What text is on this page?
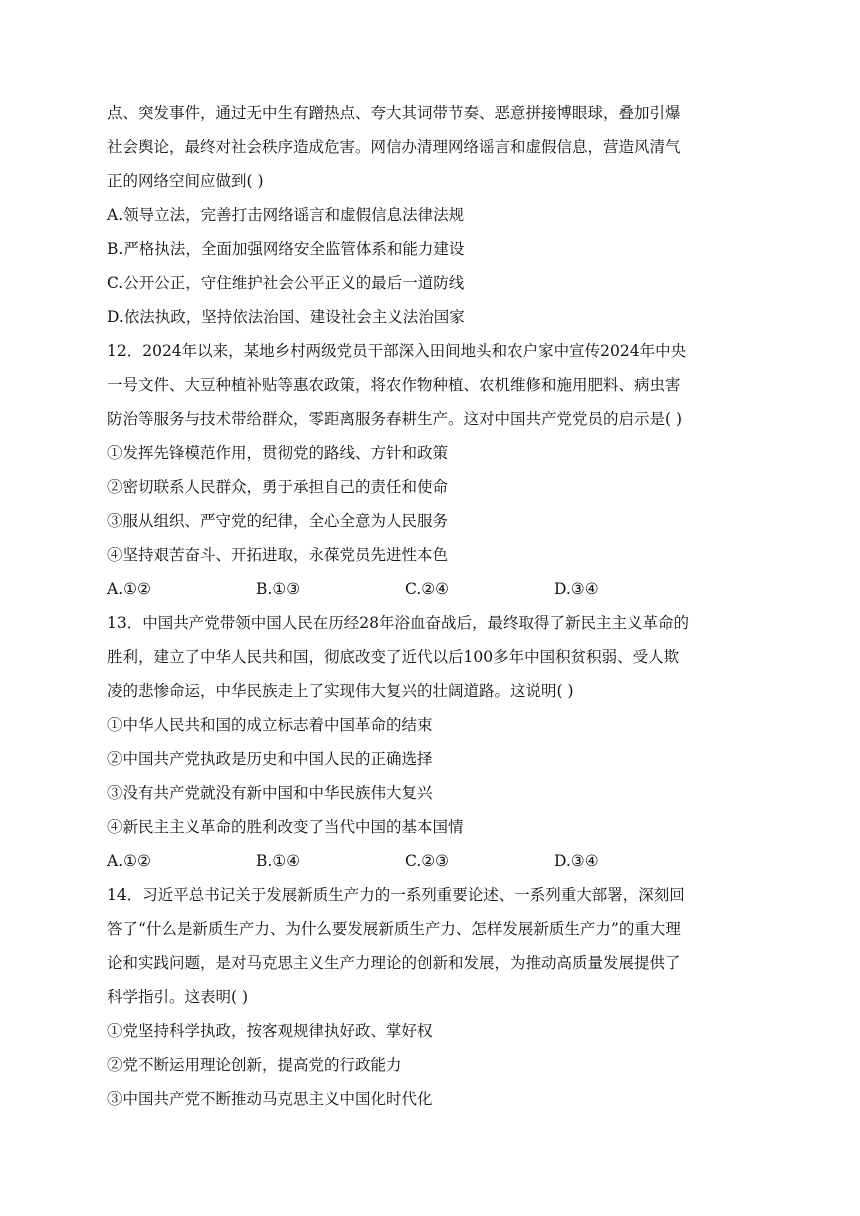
点、突发事件，通过无中生有蹭热点、夸大其词带节奏、恶意拼接博眼球，叠加引爆
社会舆论，最终对社会秩序造成危害。网信办清理网络谣言和虚假信息，营造风清气
正的网络空间应做到( )
A.领导立法，完善打击网络谣言和虚假信息法律法规
B.严格执法，全面加强网络安全监管体系和能力建设
C.公开公正，守住维护社会公平正义的最后一道防线
D.依法执政，坚持依法治国、建设社会主义法治国家
12．2024年以来，某地乡村两级党员干部深入田间地头和农户家中宣传2024年中央
一号文件、大豆种植补贴等惠农政策，将农作物种植、农机维修和施用肥料、病虫害
防治等服务与技术带给群众，零距离服务春耕生产。这对中国共产党党员的启示是( )
①发挥先锋模范作用，贯彻党的路线、方针和政策
②密切联系人民群众，勇于承担自己的责任和使命
③服从组织、严守党的纪律，全心全意为人民服务
④坚持艰苦奋斗、开拓进取，永葆党员先进性本色
A.①②	B.①③	C.②④	D.③④
13．中国共产党带领中国人民在历经28年浴血奋战后，最终取得了新民主主义革命的
胜利，建立了中华人民共和国，彻底改变了近代以后100多年中国积贫积弱、受人欺
凌的悲惨命运，中华民族走上了实现伟大复兴的壮阔道路。这说明( )
①中华人民共和国的成立标志着中国革命的结束
②中国共产党执政是历史和中国人民的正确选择
③没有共产党就没有新中国和中华民族伟大复兴
④新民主主义革命的胜利改变了当代中国的基本国情
A.①②	B.①④	C.②③	D.③④
14．习近平总书记关于发展新质生产力的一系列重要论述、一系列重大部署，深刻回
答了“什么是新质生产力、为什么要发展新质生产力、怎样发展新质生产力”的重大理
论和实践问题，是对马克思主义生产力理论的创新和发展，为推动高质量发展提供了
科学指引。这表明( )
①党坚持科学执政，按客观规律执好政、掌好权
②党不断运用理论创新，提高党的行政能力
③中国共产党不断推动马克思主义中国化时代化
